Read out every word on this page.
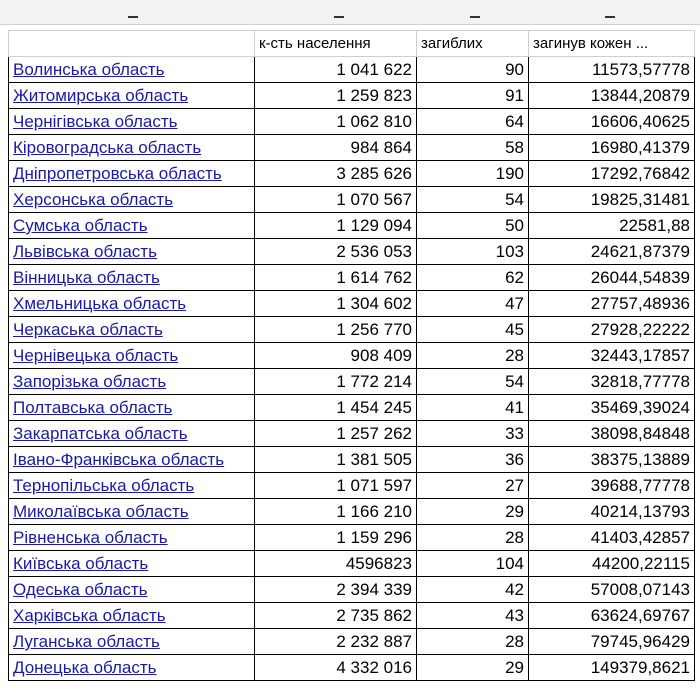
	к-сть населення	загиблих	загинув кожен ...
Волинська область	1 041 622	90	11573,57778
Житомирська область	1 259 823	91	13844,20879
Чернігівська область	1 062 810	64	16606,40625
Кіровоградська область	984 864	58	16980,41379
Дніпропетровська область	3 285 626	190	17292,76842
Херсонська область	1 070 567	54	19825,31481
Сумська область	1 129 094	50	22581,88
Львівська область	2 536 053	103	24621,87379
Вінницька область	1 614 762	62	26044,54839
Хмельницька область	1 304 602	47	27757,48936
Черкаська область	1 256 770	45	27928,22222
Чернівецька область	908 409	28	32443,17857
Запорізька область	1 772 214	54	32818,77778
Полтавська область	1 454 245	41	35469,39024
Закарпатська область	1 257 262	33	38098,84848
Івано-Франківська область	1 381 505	36	38375,13889
Тернопільська область	1 071 597	27	39688,77778
Миколаївська область	1 166 210	29	40214,13793
Рівненська область	1 159 296	28	41403,42857
Київська область	4596823	104	44200,22115
Одеська область	2 394 339	42	57008,07143
Харківська область	2 735 862	43	63624,69767
Луганська область	2 232 887	28	79745,96429
Донецька область	4 332 016	29	149379,8621
